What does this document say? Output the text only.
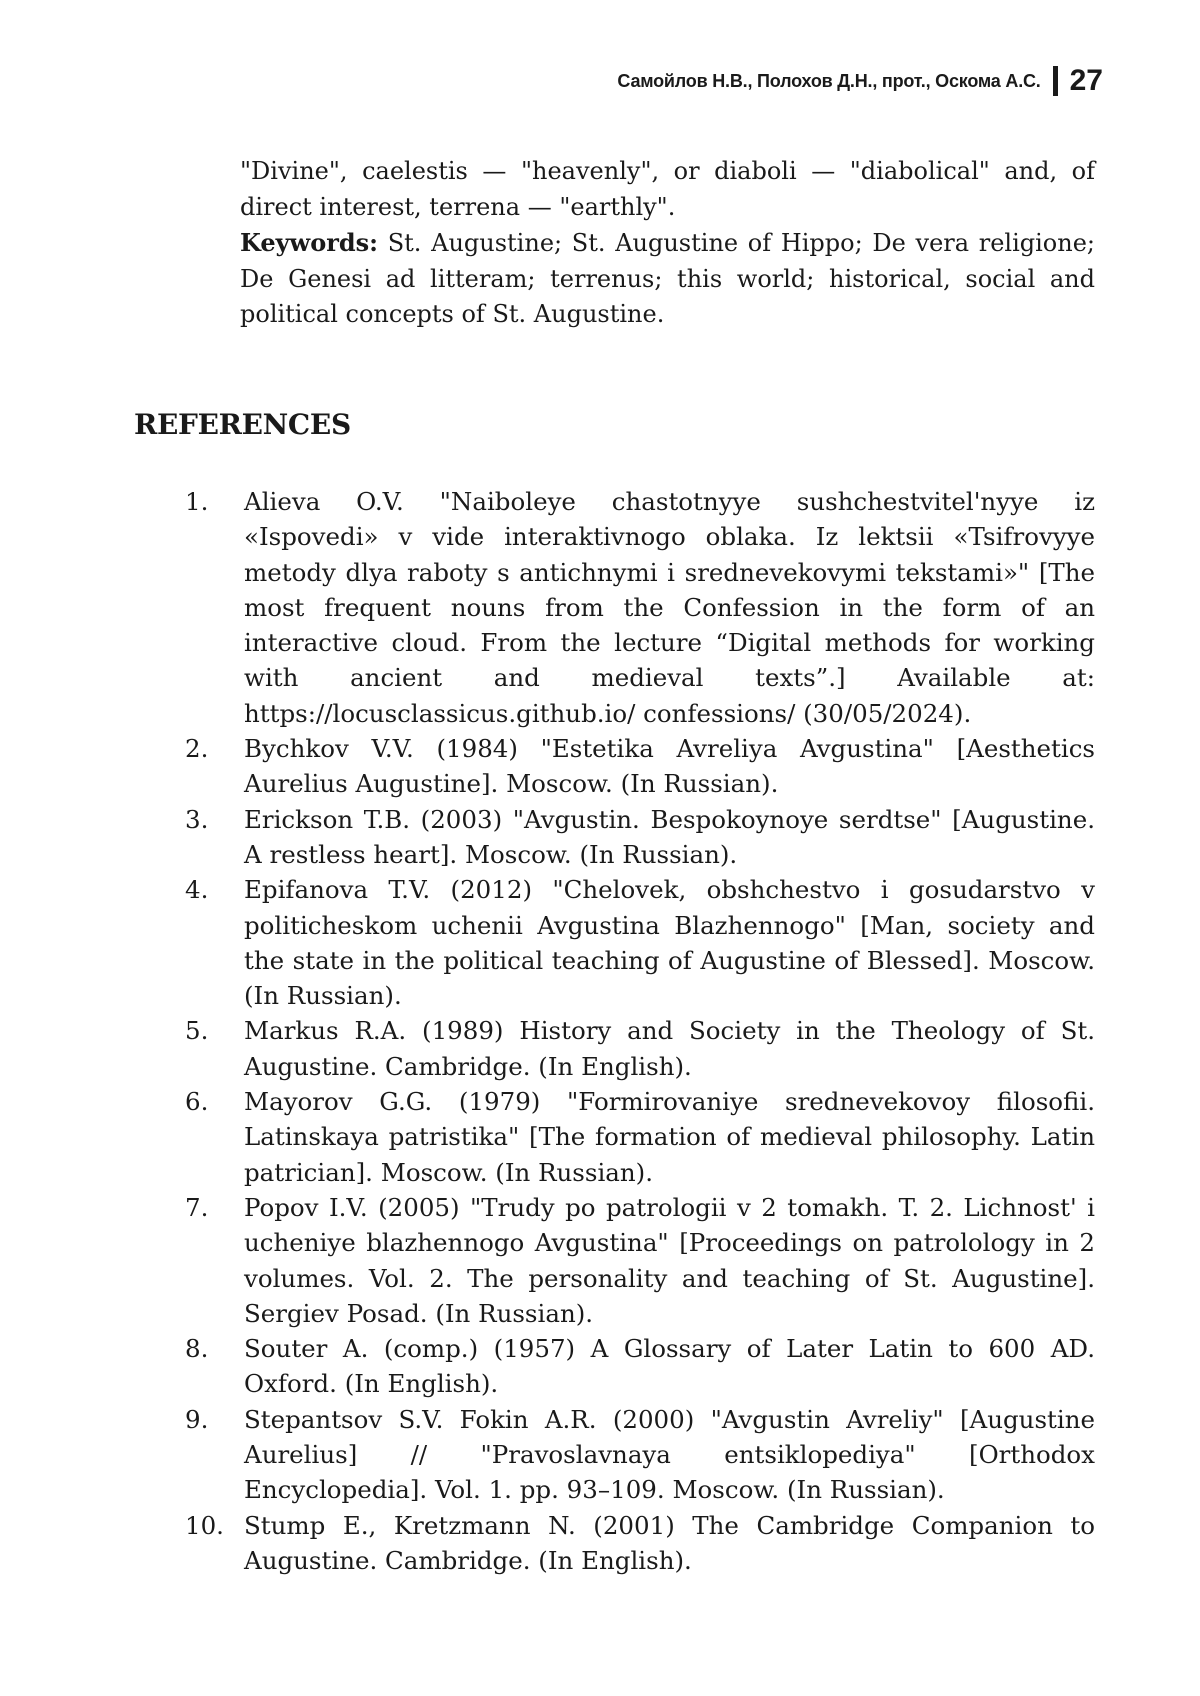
Самойлов Н.В., Полохов Д.Н., прот., Оскома А.С. 27

"Divine", caelestis — "heavenly", or diaboli — "diabolical" and, of direct interest, terrena — "earthly".

Keywords: St. Augustine; St. Augustine of Hippo; De vera religione; De Genesi ad litteram; terrenus; this world; historical, social and political concepts of St. Augustine.

REFERENCES
1.	Alieva O.V. "Naiboleye chastotnyye sushchestvitel'nyye iz «Ispovedi» v vide interaktivnogo oblaka. Iz lektsii «Tsifrovyye metody dlya raboty s antichnymi i srednevekovymi tekstami»" [The most frequent nouns from the Confession in the form of an interactive cloud. From the lecture “Digital methods for working with ancient and medieval texts”.] Available at: https://locusclassicus.github.io/ confessions/ (30/05/2024).
2.	Bychkov V.V. (1984) "Estetika Avreliya Avgustina" [Aesthetics Aurelius Augustine]. Moscow. (In Russian).
3.	Erickson T.B. (2003) "Avgustin. Bespokoynoye serdtse" [Augustine. A restless heart]. Moscow. (In Russian).
4.	Epifanova T.V. (2012) "Chelovek, obshchestvo i gosudarstvo v politicheskom uchenii Avgustina Blazhennogo" [Man, society and the state in the political teaching of Augustine of Blessed]. Moscow. (In Russian).
5.	Markus R.A. (1989) History and Society in the Theology of St. Augustine. Cambridge. (In English).
6.	Mayorov G.G. (1979) "Formirovaniye srednevekovoy filosofii. Latinskaya patristika" [The formation of medieval philosophy. Latin patrician]. Moscow. (In Russian).
7.	Popov I.V. (2005) "Trudy po patrologii v 2 tomakh. T. 2. Lichnost' i ucheniye blazhennogo Avgustina" [Proceedings on patrolology in 2 volumes. Vol. 2. The personality and teaching of St. Augustine]. Sergiev Posad. (In Russian).
8.	Souter A. (comp.) (1957) A Glossary of Later Latin to 600 AD. Oxford. (In English).
9.	Stepantsov S.V. Fokin A.R. (2000) "Avgustin Avreliy" [Augustine Aurelius] // "Pravoslavnaya entsiklopediya" [Orthodox Encyclopedia]. Vol. 1. pp. 93–109. Moscow. (In Russian).
10. Stump E., Kretzmann N. (2001) The Cambridge Companion to Augustine. Cambridge. (In English).
